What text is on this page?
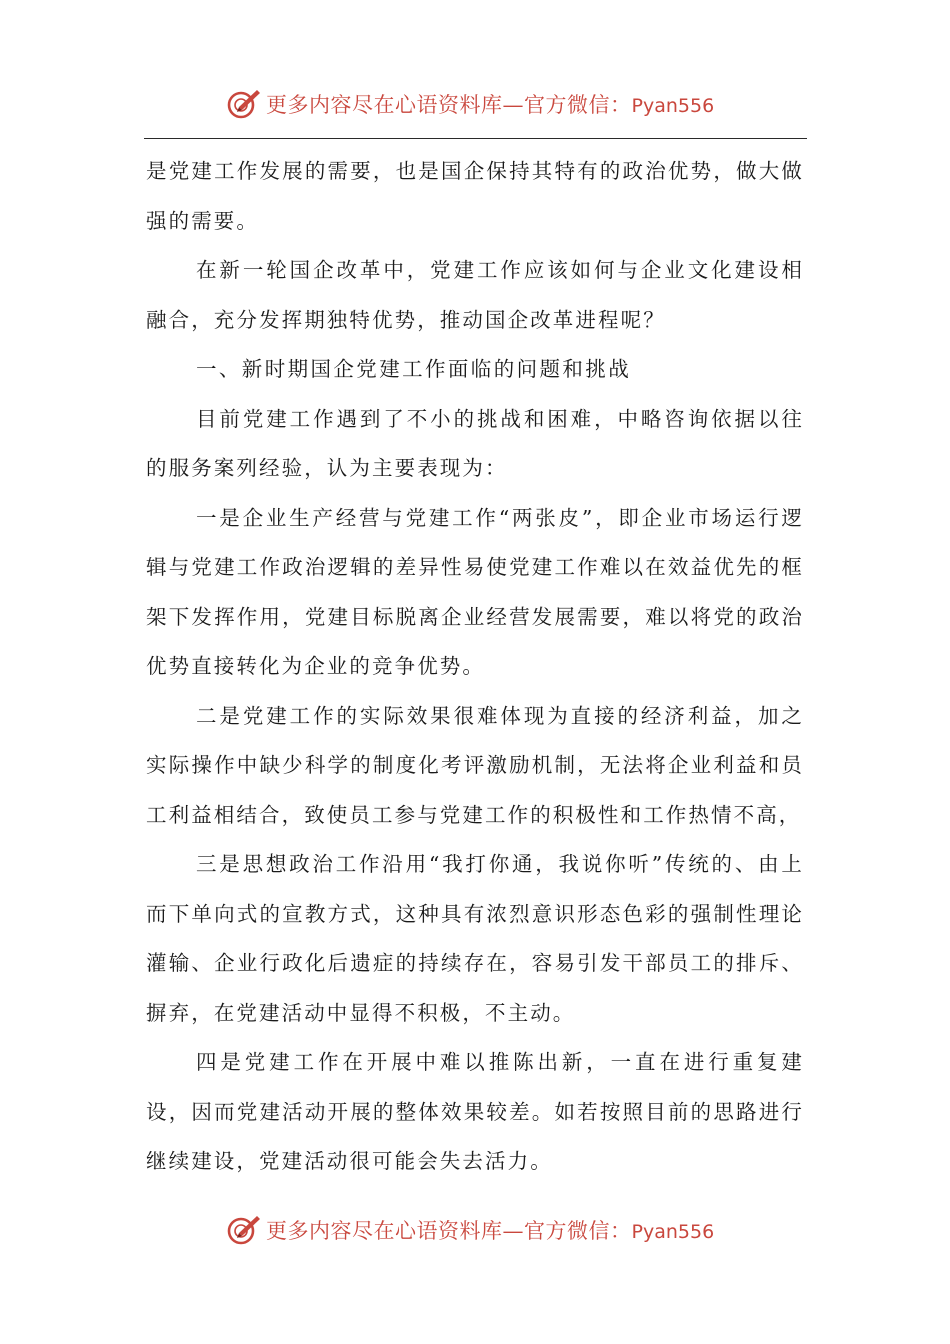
更多内容尽在心语资料库—官方微信：Pyan556

是党建工作发展的需要，也是国企保持其特有的政治优势，做大做强的需要。

在新一轮国企改革中，党建工作应该如何与企业文化建设相融合，充分发挥期独特优势，推动国企改革进程呢？

一、新时期国企党建工作面临的问题和挑战

目前党建工作遇到了不小的挑战和困难，中略咨询依据以往的服务案列经验，认为主要表现为：

一是企业生产经营与党建工作“两张皮”，即企业市场运行逻辑与党建工作政治逻辑的差异性易使党建工作难以在效益优先的框架下发挥作用，党建目标脱离企业经营发展需要，难以将党的政治优势直接转化为企业的竞争优势。

二是党建工作的实际效果很难体现为直接的经济利益，加之实际操作中缺少科学的制度化考评激励机制，无法将企业利益和员工利益相结合，致使员工参与党建工作的积极性和工作热情不高，

三是思想政治工作沿用“我打你通，我说你听”传统的、由上而下单向式的宣教方式，这种具有浓烈意识形态色彩的强制性理论灌输、企业行政化后遗症的持续存在，容易引发干部员工的排斥、摒弃，在党建活动中显得不积极，不主动。

四是党建工作在开展中难以推陈出新，一直在进行重复建设，因而党建活动开展的整体效果较差。如若按照目前的思路进行继续建设，党建活动很可能会失去活力。

更多内容尽在心语资料库—官方微信：Pyan556
